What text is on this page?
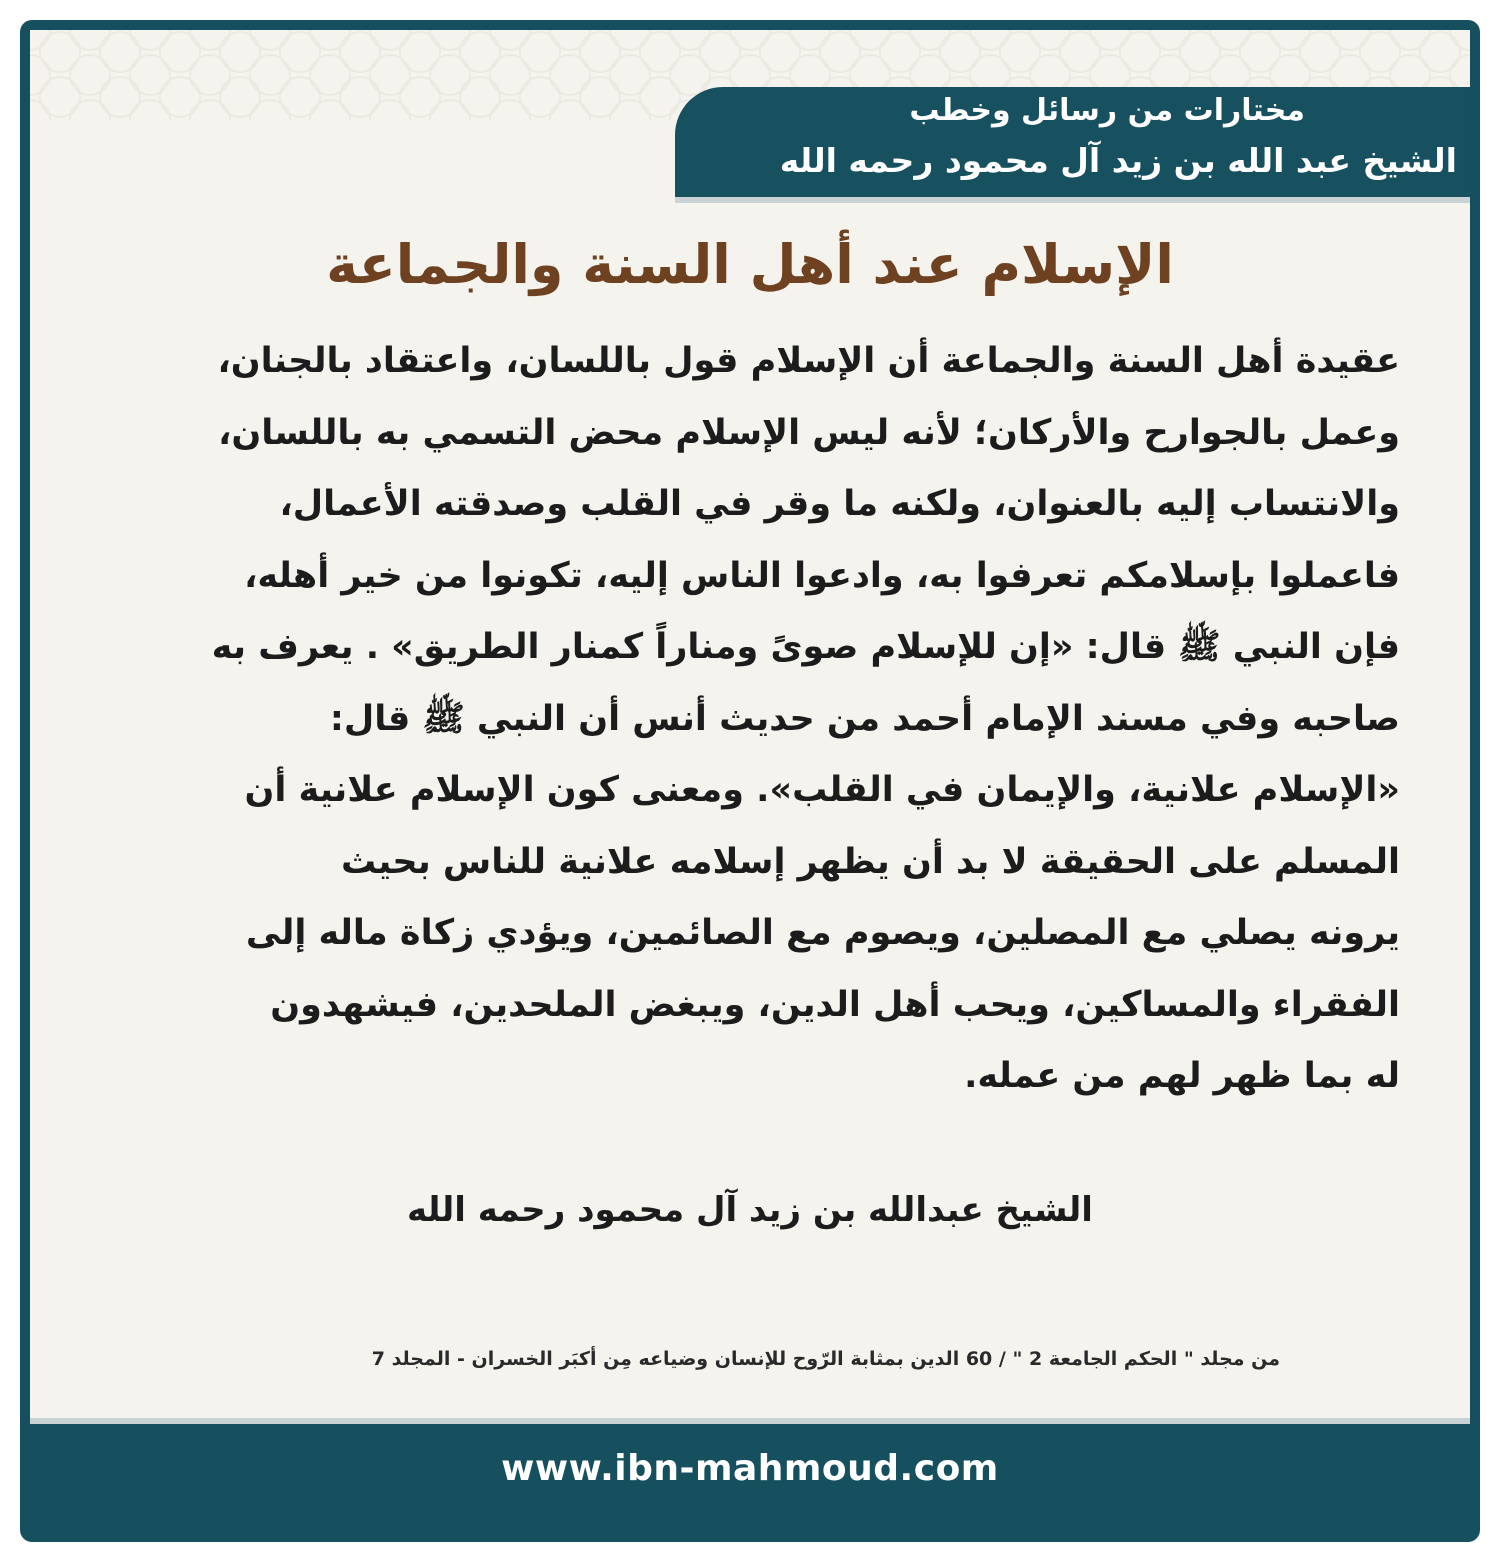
مختارات من رسائل وخطب
الشيخ عبد الله بن زيد آل محمود رحمه الله
الإسلام عند أهل السنة والجماعة
عقيدة أهل السنة والجماعة أن الإسلام قول باللسان، واعتقاد بالجنان،
وعمل بالجوارح والأركان؛ لأنه ليس الإسلام محض التسمي به باللسان،
والانتساب إليه بالعنوان، ولكنه ما وقر في القلب وصدقته الأعمال،
فاعملوا بإسلامكم تعرفوا به، وادعوا الناس إليه، تكونوا من خير أهله،
فإن النبي ﷺ قال: «إن للإسلام صوىً ومناراً كمنار الطريق» . يعرف به
صاحبه وفي مسند الإمام أحمد من حديث أنس أن النبي ﷺ قال:
«الإسلام علانية، والإيمان في القلب». ومعنى كون الإسلام علانية أن
المسلم على الحقيقة لا بد أن يظهر إسلامه علانية للناس بحيث
يرونه يصلي مع المصلين، ويصوم مع الصائمين، ويؤدي زكاة ماله إلى
الفقراء والمساكين، ويحب أهل الدين، ويبغض الملحدين، فيشهدون
له بما ظهر لهم من عمله.
الشيخ عبدالله بن زيد آل محمود رحمه الله
من مجلد " الحكم الجامعة 2 " / 60 الدين بمثابة الرّوح للإنسان وضياعه مِن أكبَر الخسران - المجلد 7
www.ibn-mahmoud.com
